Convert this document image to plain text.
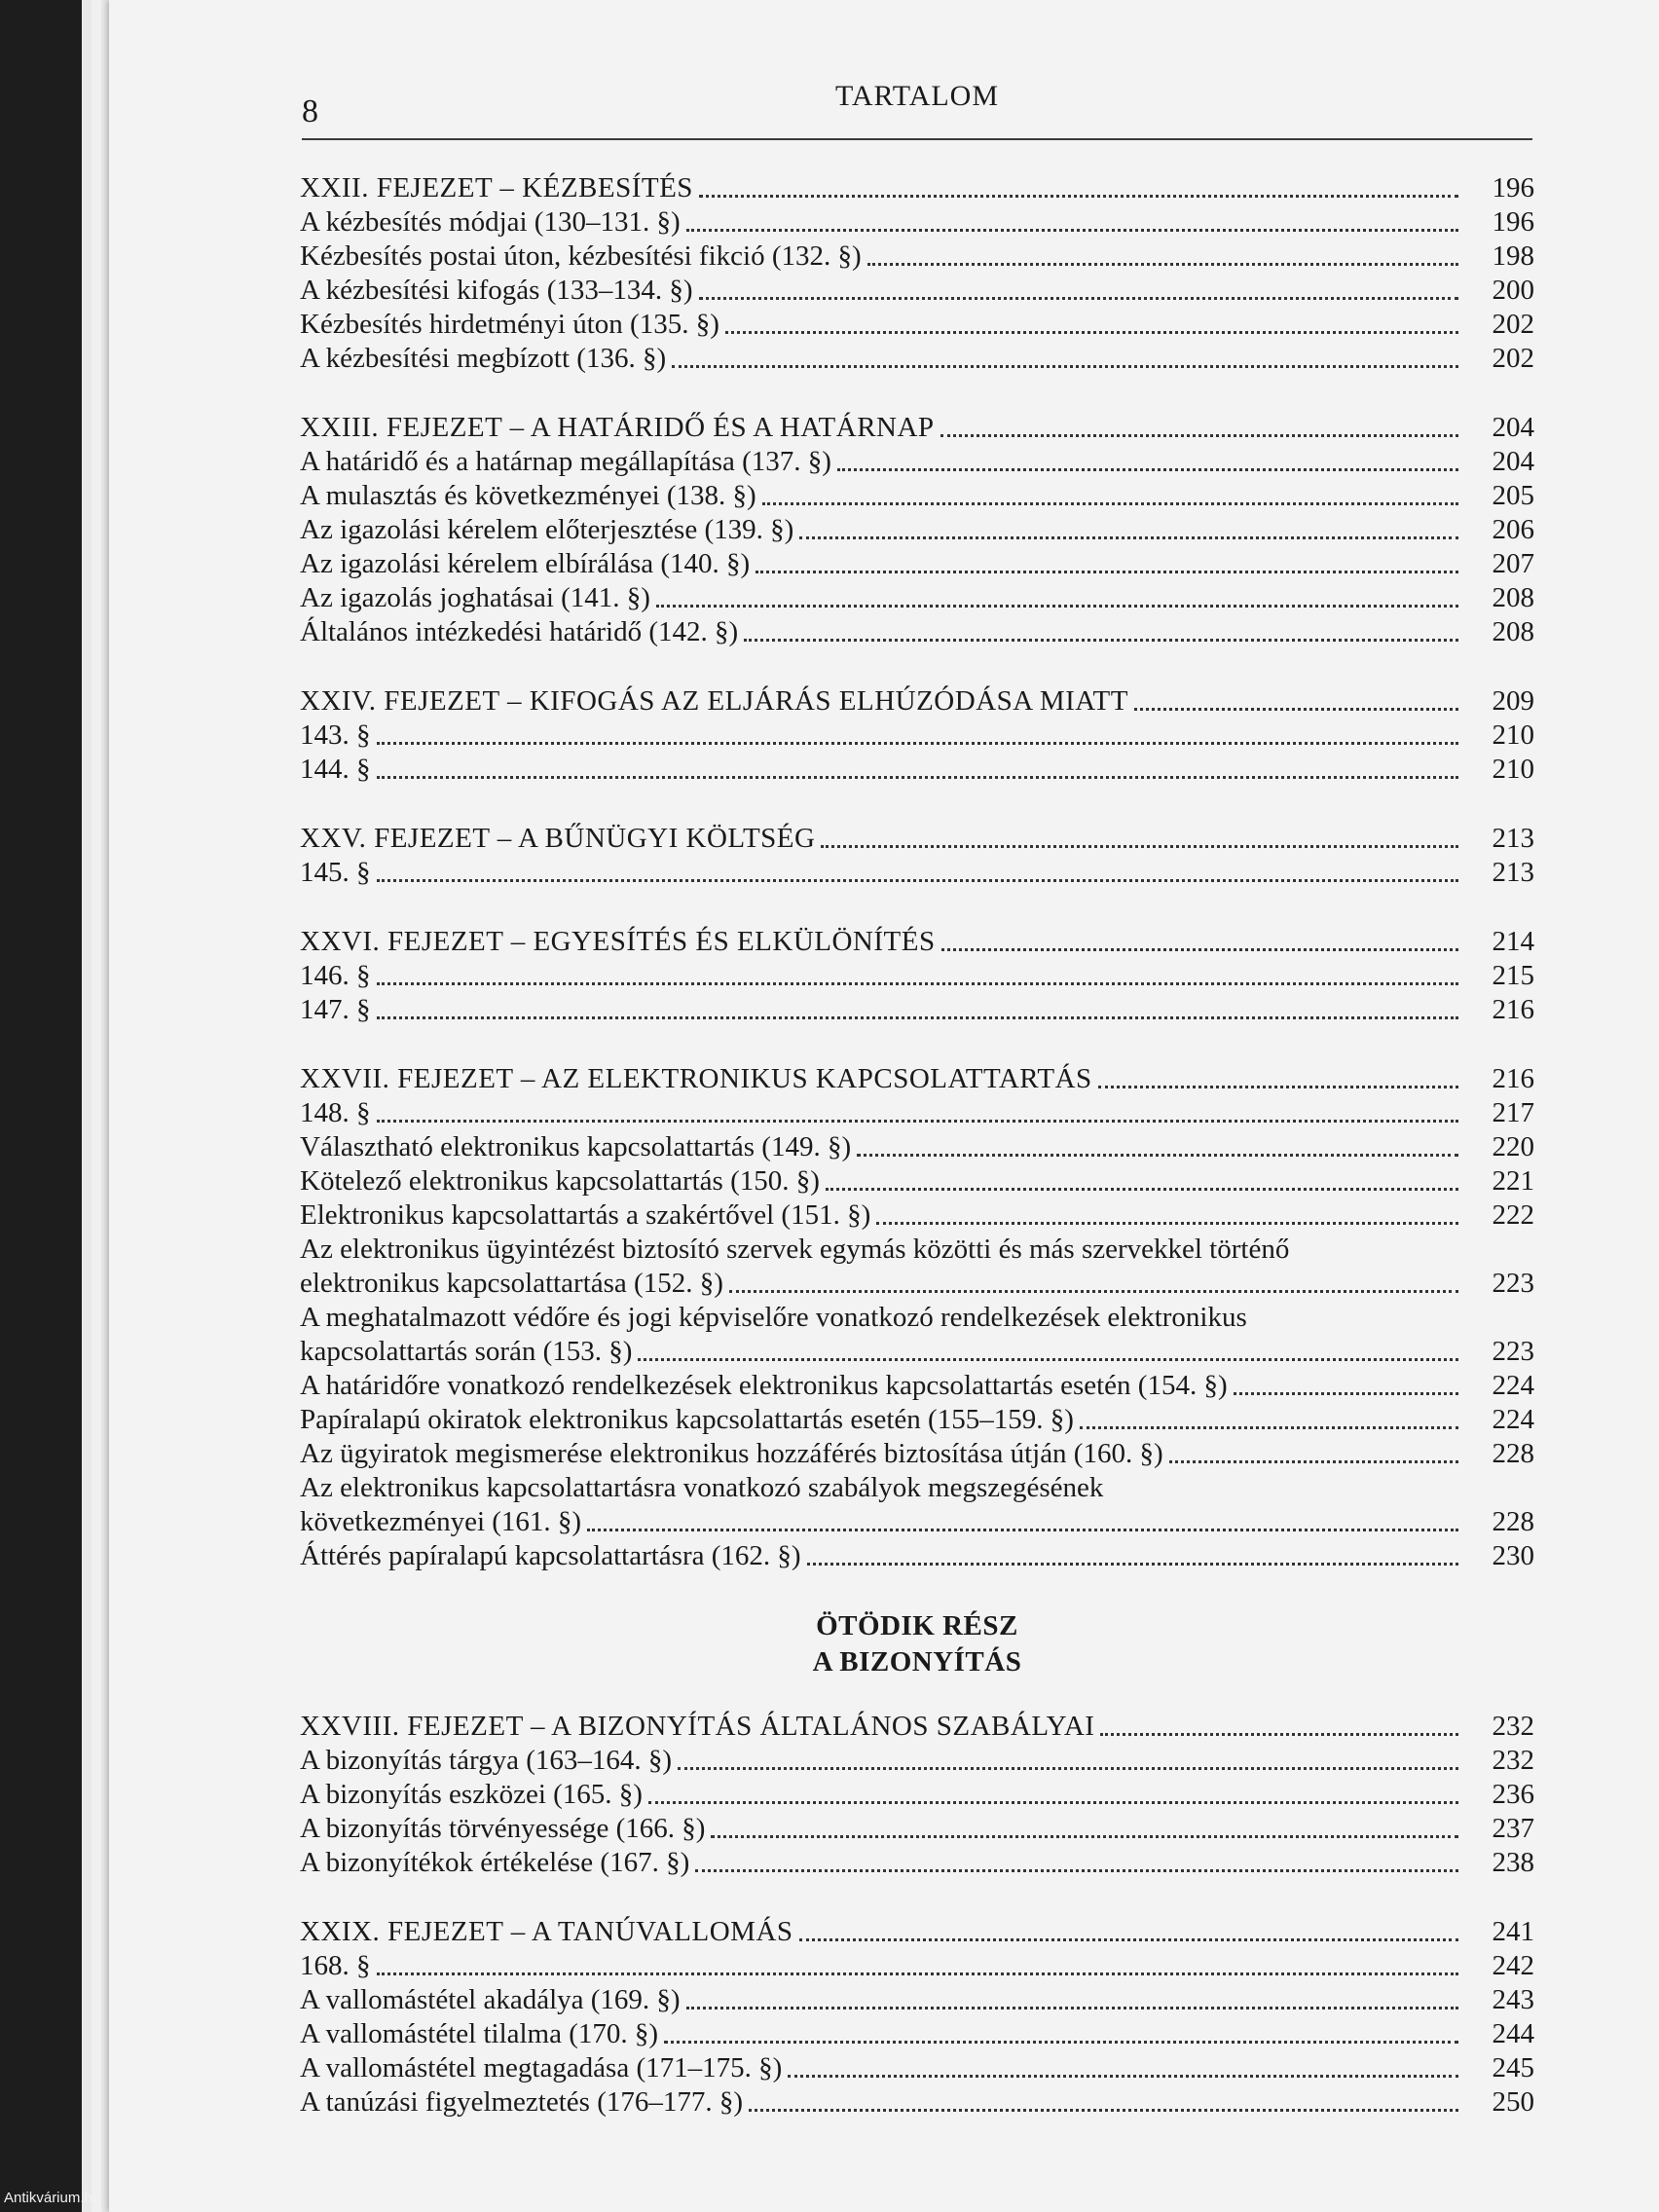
8	TARTALOM
XXII. FEJEZET – KÉZBESÍTÉS	196
A kézbesítés módjai (130–131. §)	196
Kézbesítés postai úton, kézbesítési fikció (132. §)	198
A kézbesítési kifogás (133–134. §)	200
Kézbesítés hirdetményi úton (135. §)	202
A kézbesítési megbízott (136. §)	202
XXIII. FEJEZET – A HATÁRIDŐ ÉS A HATÁRNAP	204
A határidő és a határnap megállapítása (137. §)	204
A mulasztás és következményei (138. §)	205
Az igazolási kérelem előterjesztése (139. §)	206
Az igazolási kérelem elbírálása (140. §)	207
Az igazolás joghatásai (141. §)	208
Általános intézkedési határidő (142. §)	208
XXIV. FEJEZET – KIFOGÁS AZ ELJÁRÁS ELHÚZÓDÁSA MIATT	209
143. §	210
144. §	210
XXV. FEJEZET – A BŰNÜGYI KÖLTSÉG	213
145. §	213
XXVI. FEJEZET – EGYESÍTÉS ÉS ELKÜLÖNÍTÉS	214
146. §	215
147. §	216
XXVII. FEJEZET – AZ ELEKTRONIKUS KAPCSOLATTARTÁS	216
148. §	217
Választható elektronikus kapcsolattartás (149. §)	220
Kötelező elektronikus kapcsolattartás (150. §)	221
Elektronikus kapcsolattartás a szakértővel (151. §)	222
Az elektronikus ügyintézést biztosító szervek egymás közötti és más szervekkel történő
elektronikus kapcsolattartása (152. §)	223
A meghatalmazott védőre és jogi képviselőre vonatkozó rendelkezések elektronikus
kapcsolattartás során (153. §)	223
A határidőre vonatkozó rendelkezések elektronikus kapcsolattartás esetén (154. §)	224
Papíralapú okiratok elektronikus kapcsolattartás esetén (155–159. §)	224
Az ügyiratok megismerése elektronikus hozzáférés biztosítása útján (160. §)	228
Az elektronikus kapcsolattartásra vonatkozó szabályok megszegésének
következményei (161. §)	228
Áttérés papíralapú kapcsolattartásra (162. §)	230
ÖTÖDIK RÉSZ
A BIZONYÍTÁS
XXVIII. FEJEZET – A BIZONYÍTÁS ÁLTALÁNOS SZABÁLYAI	232
A bizonyítás tárgya (163–164. §)	232
A bizonyítás eszközei (165. §)	236
A bizonyítás törvényessége (166. §)	237
A bizonyítékok értékelése (167. §)	238
XXIX. FEJEZET – A TANÚVALLOMÁS	241
168. §	242
A vallomástétel akadálya (169. §)	243
A vallomástétel tilalma (170. §)	244
A vallomástétel megtagadása (171–175. §)	245
A tanúzási figyelmeztetés (176–177. §)	250
Antikvárium.hu
